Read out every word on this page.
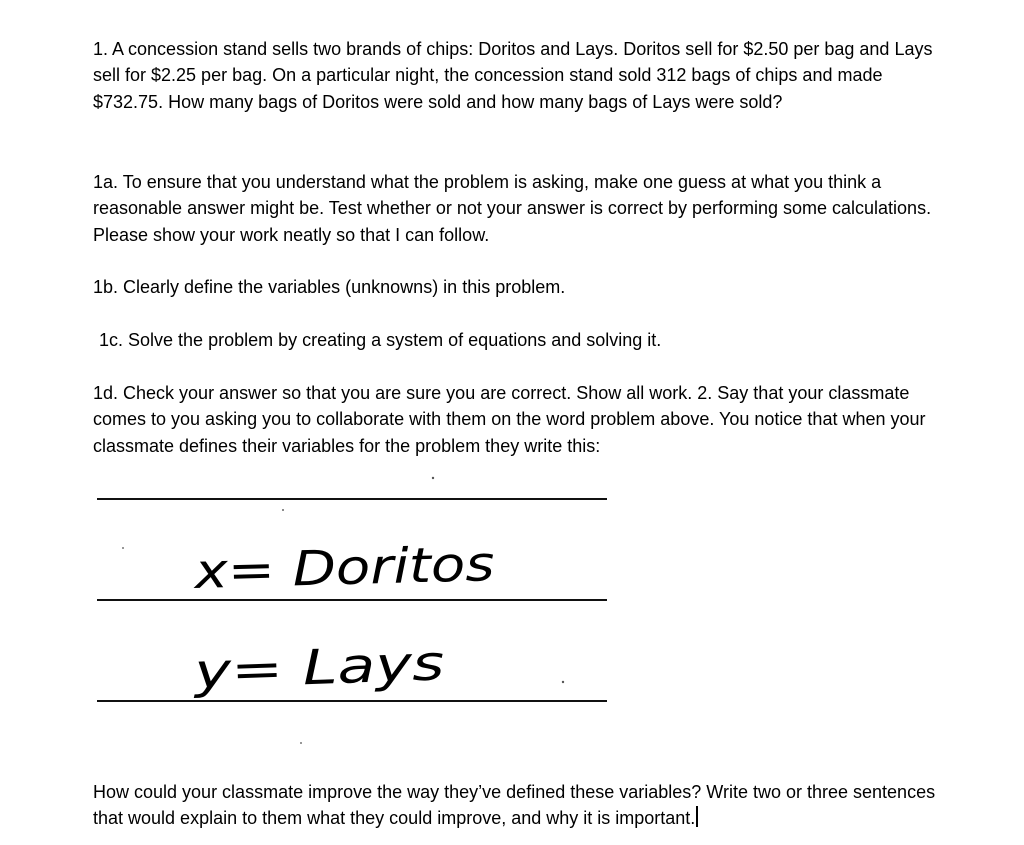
1. A concession stand sells two brands of chips: Doritos and Lays. Doritos sell for $2.50 per bag and Lays sell for $2.25 per bag. On a particular night, the concession stand sold 312 bags of chips and made $732.75. How many bags of Doritos were sold and how many bags of Lays were sold?

1a. To ensure that you understand what the problem is asking, make one guess at what you think a reasonable answer might be. Test whether or not your answer is correct by performing some calculations. Please show your work neatly so that I can follow.

1b. Clearly define the variables (unknowns) in this problem.

1c. Solve the problem by creating a system of equations and solving it.

1d. Check your answer so that you are sure you are correct. Show all work. 2. Say that your classmate comes to you asking you to collaborate with them on the word problem above. You notice that when your classmate defines their variables for the problem they write this:

x= Doritos
y= Lays

How could your classmate improve the way they’ve defined these variables? Write two or three sentences that would explain to them what they could improve, and why it is important.
